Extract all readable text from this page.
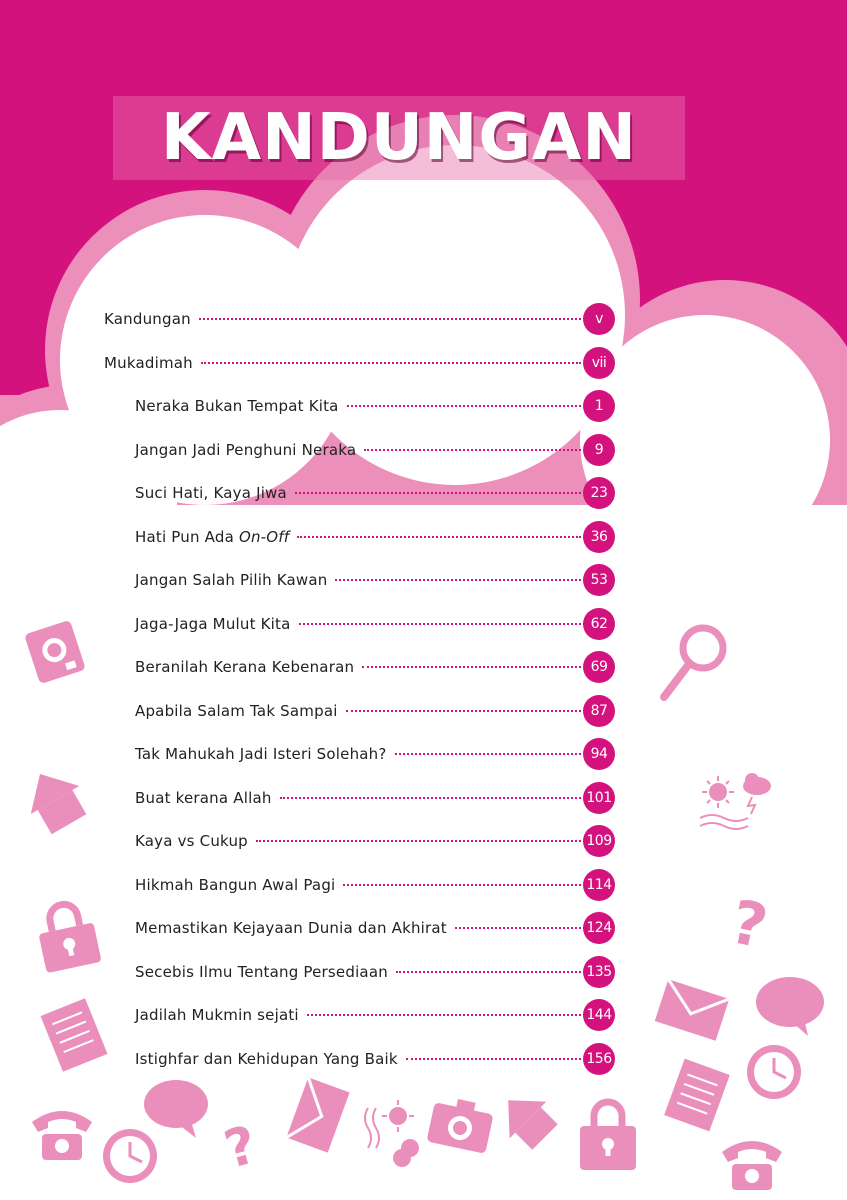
?
?
KANDUNGAN
Kandungan	v
Mukadimah	vii
Neraka Bukan Tempat Kita	1
Jangan Jadi Penghuni Neraka	9
Suci Hati, Kaya Jiwa	23
Hati Pun Ada On-Off	36
Jangan Salah Pilih Kawan	53
Jaga-Jaga Mulut Kita	62
Beranilah Kerana Kebenaran	69
Apabila Salam Tak Sampai	87
Tak Mahukah Jadi Isteri Solehah?	94
Buat kerana Allah	101
Kaya vs Cukup	109
Hikmah Bangun Awal Pagi	114
Memastikan Kejayaan Dunia dan Akhirat	124
Secebis Ilmu Tentang Persediaan	135
Jadilah Mukmin sejati	144
Istighfar dan Kehidupan Yang Baik	156
